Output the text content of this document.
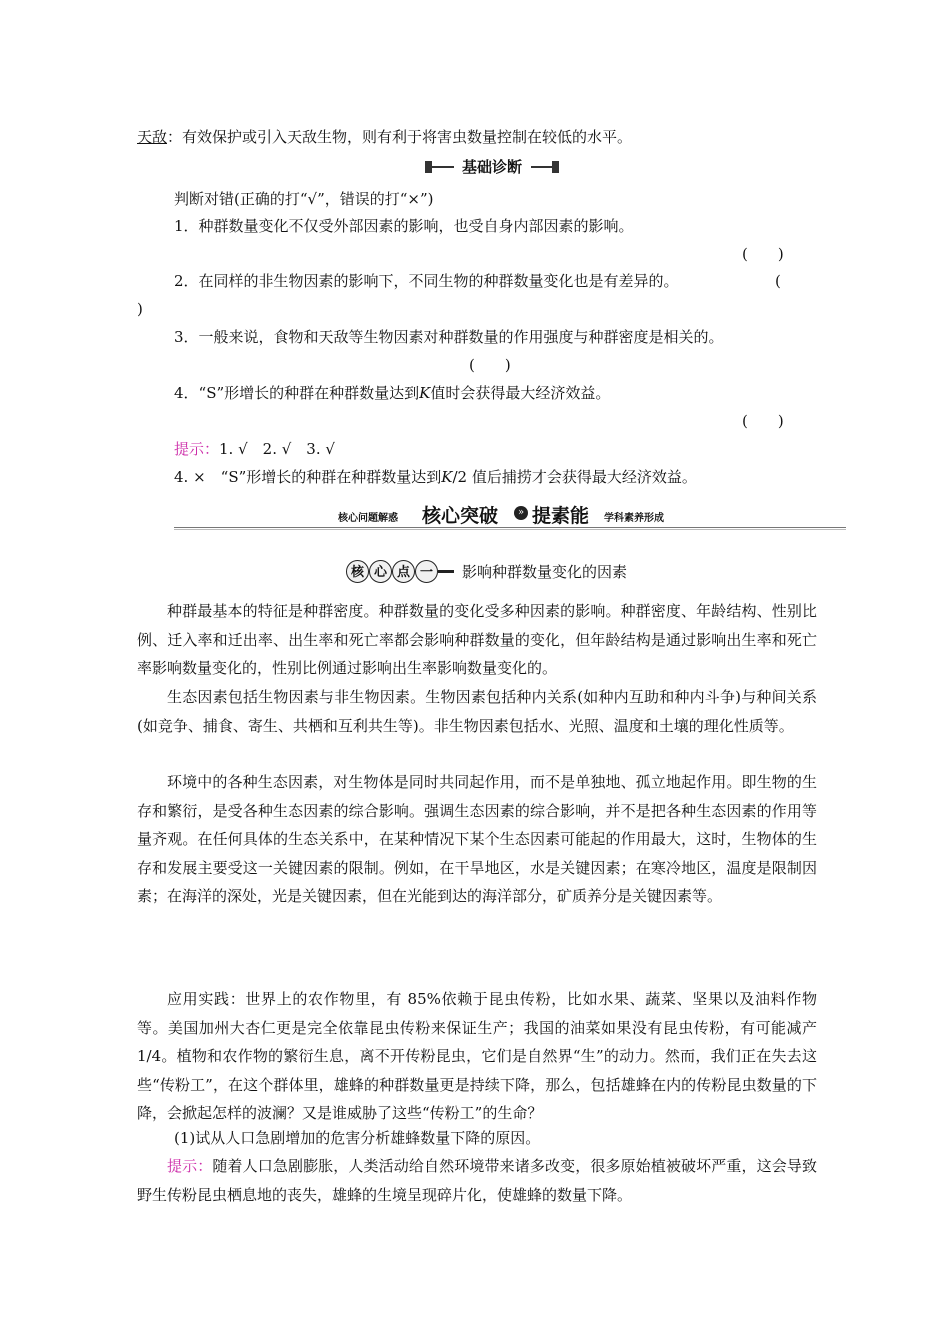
天敌：有效保护或引入天敌生物，则有利于将害虫数量控制在较低的水平。
基础诊断
判断对错(正确的打“√”，错误的打“×”)
1．种群数量变化不仅受外部因素的影响，也受自身内部因素的影响。
(　　)
2．在同样的非生物因素的影响下，不同生物的种群数量变化也是有差异的。	(
)
3．一般来说，食物和天敌等生物因素对种群数量的作用强度与种群密度是相关的。
(　　)
4．“S”形增长的种群在种群数量达到K值时会获得最大经济效益。
(　　)
提示：1. √　2. √　3. √
4. ×　“S”形增长的种群在种群数量达到K/2 值后捕捞才会获得最大经济效益。
核心问题解惑 核心突破	» 提素能 学科素养形成
核 心 点 一	影响种群数量变化的因素
种群最基本的特征是种群密度。种群数量的变化受多种因素的影响。种群密度、年龄结构、性别比例、迁入率和迁出率、出生率和死亡率都会影响种群数量的变化，但年龄结构是通过影响出生率和死亡率影响数量变化的，性别比例通过影响出生率影响数量变化的。
生态因素包括生物因素与非生物因素。生物因素包括种内关系(如种内互助和种内斗争)与种间关系(如竞争、捕食、寄生、共栖和互利共生等)。非生物因素包括水、光照、温度和土壤的理化性质等。
环境中的各种生态因素，对生物体是同时共同起作用，而不是单独地、孤立地起作用。即生物的生存和繁衍，是受各种生态因素的综合影响。强调生态因素的综合影响，并不是把各种生态因素的作用等量齐观。在任何具体的生态关系中，在某种情况下某个生态因素可能起的作用最大，这时，生物体的生存和发展主要受这一关键因素的限制。例如，在干旱地区，水是关键因素；在寒冷地区，温度是限制因素；在海洋的深处，光是关键因素，但在光能到达的海洋部分，矿质养分是关键因素等。
应用实践：世界上的农作物里，有 85%依赖于昆虫传粉，比如水果、蔬菜、坚果以及油料作物等。美国加州大杏仁更是完全依靠昆虫传粉来保证生产；我国的油菜如果没有昆虫传粉，有可能减产 1/4。植物和农作物的繁衍生息，离不开传粉昆虫，它们是自然界“生”的动力。然而，我们正在失去这些“传粉工”，在这个群体里，雄蜂的种群数量更是持续下降，那么，包括雄蜂在内的传粉昆虫数量的下降，会掀起怎样的波澜？又是谁威胁了这些“传粉工”的生命？
(1)试从人口急剧增加的危害分析雄蜂数量下降的原因。
提示：随着人口急剧膨胀，人类活动给自然环境带来诸多改变，很多原始植被破坏严重，这会导致野生传粉昆虫栖息地的丧失，雄蜂的生境呈现碎片化，使雄蜂的数量下降。
